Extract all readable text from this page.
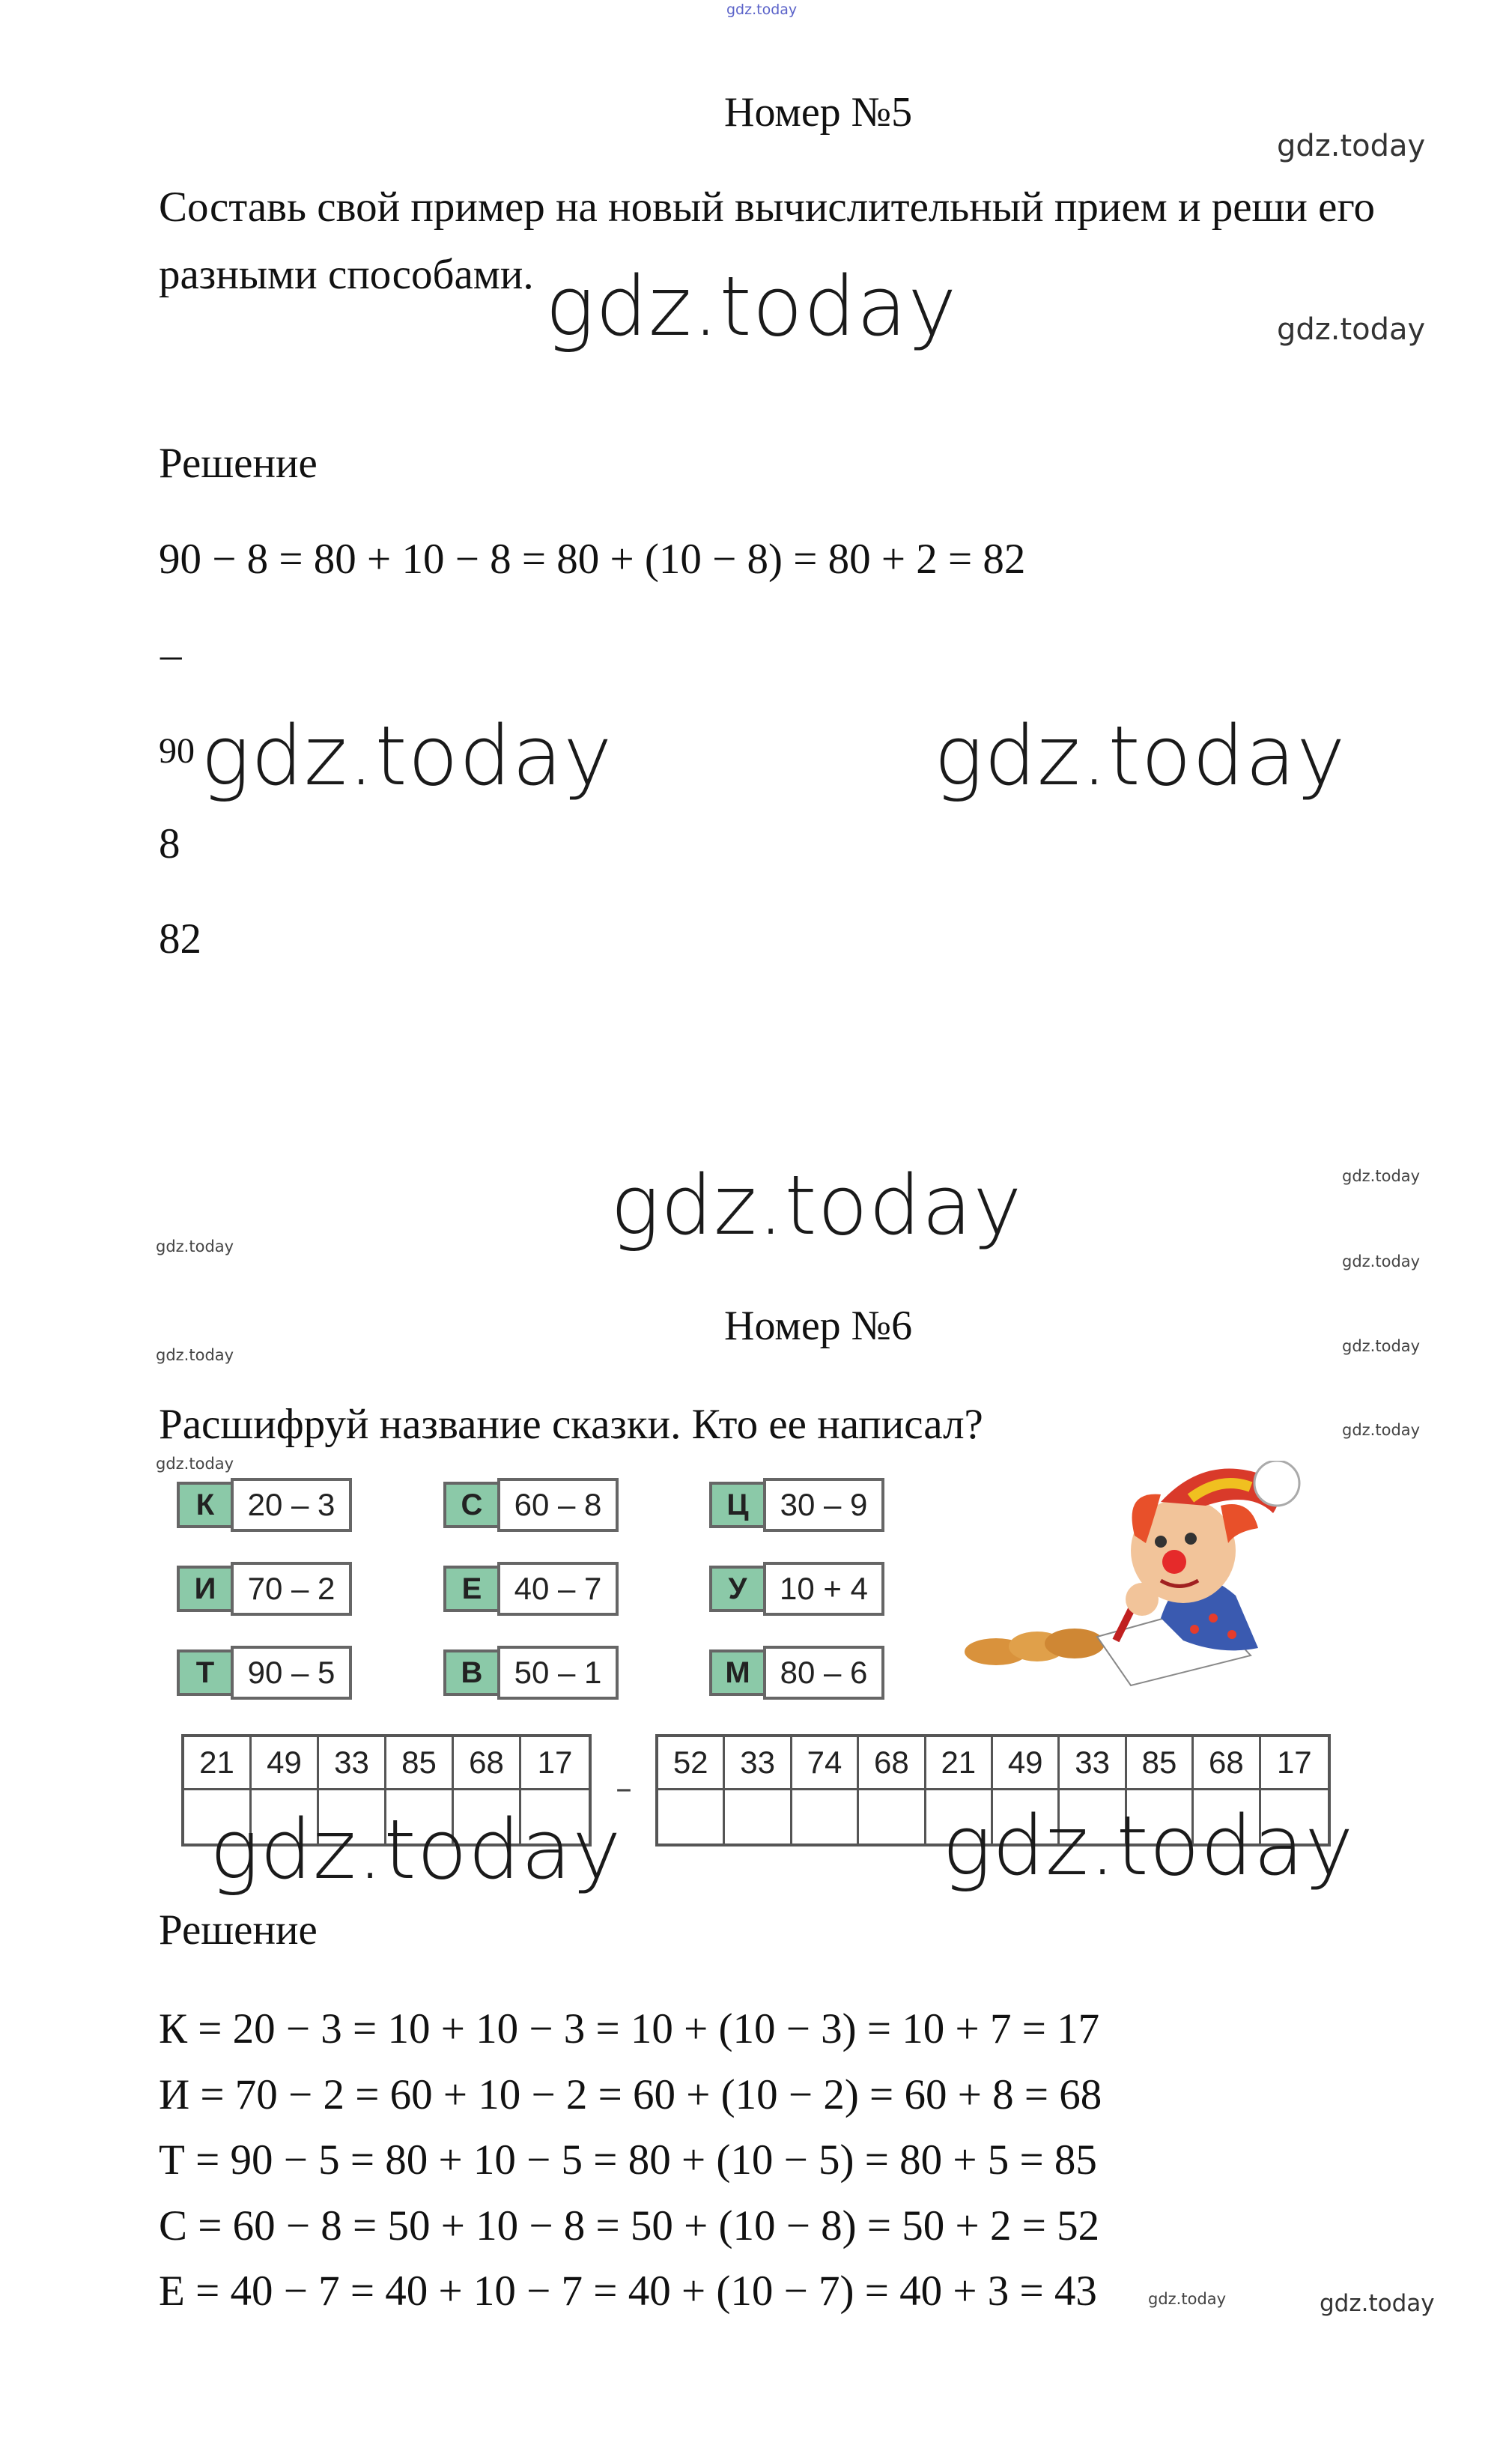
gdz.today
Номер №5
gdz.today
Составь свой пример на новый вычислительный прием и реши его
разными способами. gdz.today	gdz.today
Решение
90 − 8 = 80 + 10 − 8 = 80 + (10 − 8) = 80 + 2 = 82
_
90 gdz.today	gdz.today
8
82
gdz.today	gdz.today
gdz.today
gdz.today
gdz.today	gdz.today
gdz.today
gdz.today
Номер №6
Расшифруй название сказки. Кто ее написал?
К	20 – 3	С	60 – 8	Ц	30 – 9
И	70 – 2	Е	40 – 7	У	10 + 4
Т	90 – 5	В	50 – 1	М 80 – 6
21	49	33	85	68	17
–
52	33	74	68	21	49	33	85	68	17
gdz.today	gdz.today
Решение
К = 20 − 3 = 10 + 10 − 3 = 10 + (10 − 3) = 10 + 7 = 17
И = 70 − 2 = 60 + 10 − 2 = 60 + (10 − 2) = 60 + 8 = 68
Т = 90 − 5 = 80 + 10 − 5 = 80 + (10 − 5) = 80 + 5 = 85
С = 60 − 8 = 50 + 10 − 8 = 50 + (10 − 8) = 50 + 2 = 52
Е = 40 − 7 = 40 + 10 − 7 = 40 + (10 − 7) = 40 + 3 = 43	gdz.today	gdz.today
